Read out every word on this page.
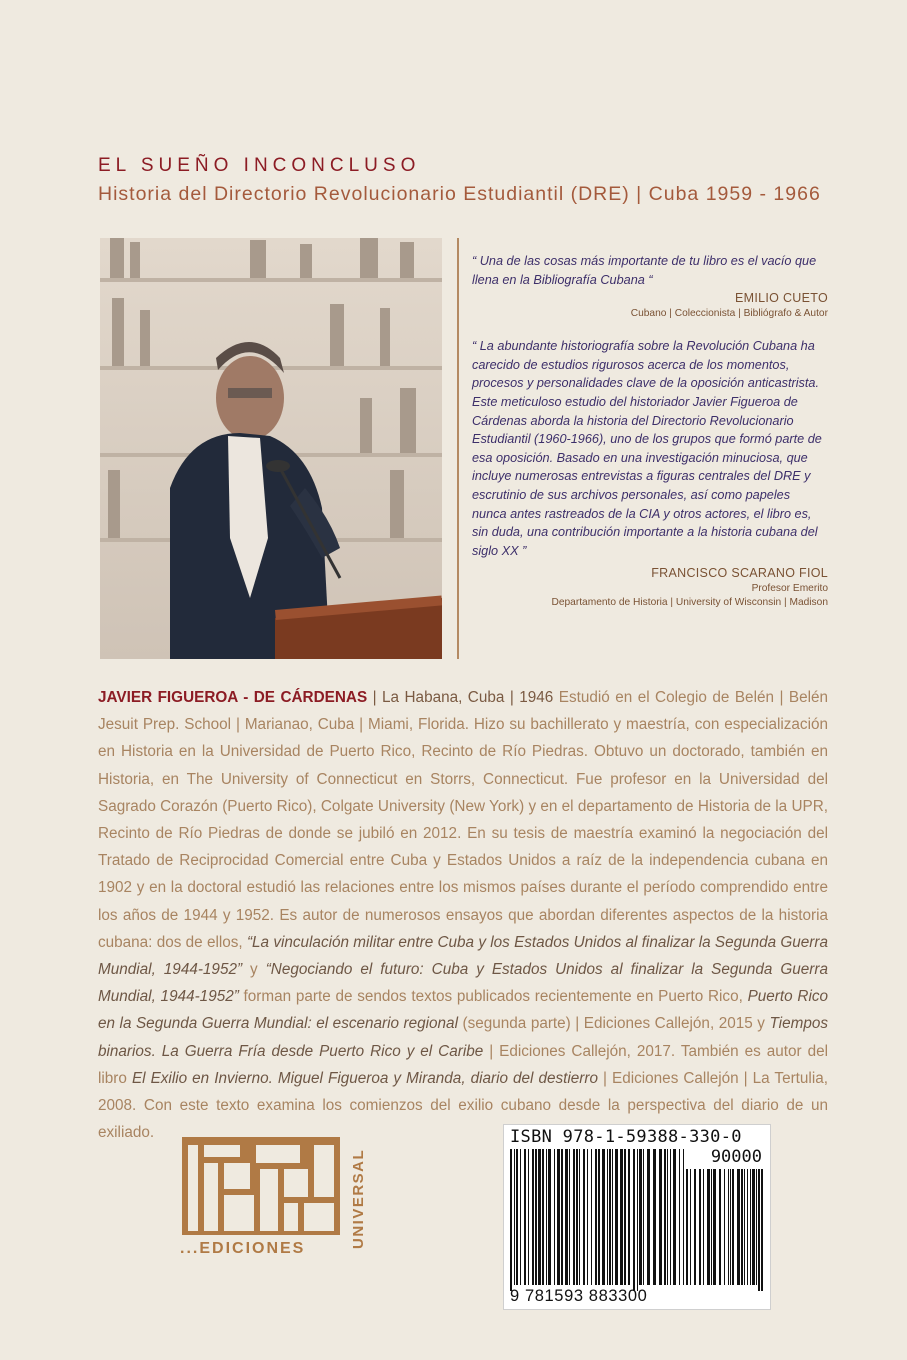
EL SUEÑO INCONCLUSO
Historia del Directorio Revolucionario Estudiantil (DRE) | Cuba 1959 - 1966
“ Una de las cosas más importante de tu libro es el vacío que llena en la Bibliografía Cubana “
EMILIO CUETO
Cubano | Coleccionista | Bibliógrafo & Autor
“ La abundante historiografía sobre la Revolución Cubana ha carecido de estudios rigurosos acerca de los momentos, procesos y personalidades clave de la oposición anticastrista. Este meticuloso estudio del historiador Javier Figueroa de Cárdenas aborda la historia del Directorio Revolucionario Estudiantil (1960-1966), uno de los grupos que formó parte de esa oposición. Basado en una investigación minuciosa, que incluye numerosas entrevistas a figuras centrales del DRE y escrutinio de sus archivos personales, así como papeles nunca antes rastreados de la CIA y otros actores, el libro es, sin duda, una contribución importante a la historia cubana del siglo XX ”
FRANCISCO SCARANO FIOL
Profesor Emerito
Departamento de Historia | University of Wisconsin | Madison
JAVIER FIGUEROA - DE CÁRDENAS | La Habana, Cuba | 1946 Estudió en el Colegio de Belén | Belén Jesuit Prep. School | Marianao, Cuba | Miami, Florida. Hizo su bachillerato y maestría, con especialización en Historia en la Universidad de Puerto Rico, Recinto de Río Piedras. Obtuvo un doctorado, también en Historia, en The University of Connecticut en Storrs, Connecticut. Fue profesor en la Universidad del Sagrado Corazón (Puerto Rico), Colgate University (New York) y en el departamento de Historia de la UPR, Recinto de Río Piedras de donde se jubiló en 2012. En su tesis de maestría examinó la negociación del Tratado de Reciprocidad Comercial entre Cuba y Estados Unidos a raíz de la independencia cubana en 1902 y en la doctoral estudió las relaciones entre los mismos países durante el período comprendido entre los años de 1944 y 1952. Es autor de numerosos ensayos que abordan diferentes aspectos de la historia cubana: dos de ellos, “La vinculación militar entre Cuba y los Estados Unidos al finalizar la Segunda Guerra Mundial, 1944-1952” y “Negociando el futuro: Cuba y Estados Unidos al finalizar la Segunda Guerra Mundial, 1944-1952” forman parte de sendos textos publicados recientemente en Puerto Rico, Puerto Rico en la Segunda Guerra Mundial: el escenario regional (segunda parte) | Ediciones Callejón, 2015 y Tiempos binarios. La Guerra Fría desde Puerto Rico y el Caribe | Ediciones Callejón, 2017. También es autor del libro El Exilio en Invierno. Miguel Figueroa y Miranda, diario del destierro | Ediciones Callejón | La Tertulia, 2008. Con este texto examina los comienzos del exilio cubano desde la perspectiva del diario de un exiliado.
...EDICIONES	UNIVERSAL
ISBN 978-1-59388-330-0
90000
9 781593 883300
